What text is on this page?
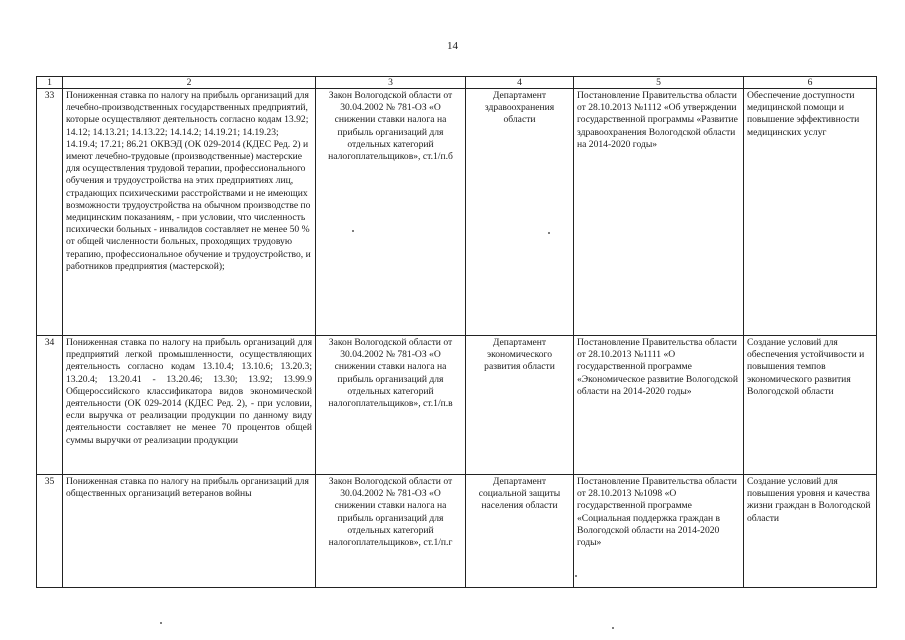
14
1	2	3	4	5	6
33	Пониженная ставка по налогу на прибыль организаций для лечебно-производственных государственных предприятий, которые осуществляют деятельность согласно кодам 13.92; 14.12; 14.13.21; 14.13.22; 14.14.2; 14.19.21; 14.19.23; 14.19.4; 17.21; 86.21 ОКВЭД (ОК 029-2014 (КДЕС Ред. 2) и имеют лечебно-трудовые (производственные) мастерские для осуществления трудовой терапии, профессионального обучения и трудоустройства на этих предприятиях лиц, страдающих психическими расстройствами и не имеющих возможности трудоустройства на обычном производстве по медицинским показаниям, - при условии, что численность психически больных - инвалидов составляет не менее 50 % от общей численности больных, проходящих трудовую терапию, профессиональное обучение и трудоустройство, и работников предприятия (мастерской);	Закон Вологодской области от 30.04.2002 № 781-ОЗ «О снижении ставки налога на прибыль организаций для отдельных категорий налогоплательщиков», ст.1/п.б	Департамент здравоохранения области	Постановление Правительства области от 28.10.2013 №1112 «Об утверждении государственной программы «Развитие здравоохранения Вологодской области на 2014-2020 годы»	Обеспечение доступности медицинской помощи и повышение эффективности медицинских услуг
34	Пониженная ставка по налогу на прибыль организаций для предприятий легкой промышленности, осуществляющих деятельность согласно кодам 13.10.4; 13.10.6; 13.20.3; 13.20.4; 13.20.41 - 13.20.46; 13.30; 13.92; 13.99.9 Общероссийского классификатора видов экономической деятельности (ОК 029-2014 (КДЕС Ред. 2), - при условии, если выручка от реализации продукции по данному виду деятельности составляет не менее 70 процентов общей суммы выручки от реализации продукции	Закон Вологодской области от 30.04.2002 № 781-ОЗ «О снижении ставки налога на прибыль организаций для отдельных категорий налогоплательщиков», ст.1/п.в	Департамент экономического развития области	Постановление Правительства области от 28.10.2013 №1111 «О государственной программе «Экономическое развитие Вологодской области на 2014-2020 годы»	Создание условий для обеспечения устойчивости и повышения темпов экономического развития Вологодской области
35	Пониженная ставка по налогу на прибыль организаций для общественных организаций ветеранов войны	Закон Вологодской области от 30.04.2002 № 781-ОЗ «О снижении ставки налога на прибыль организаций для отдельных категорий налогоплательщиков», ст.1/п.г	Департамент социальной защиты населения области	Постановление Правительства области от 28.10.2013 №1098 «О государственной программе «Социальная поддержка граждан в Вологодской области на 2014-2020 годы»	Создание условий для повышения уровня и качества жизни граждан в Вологодской области
